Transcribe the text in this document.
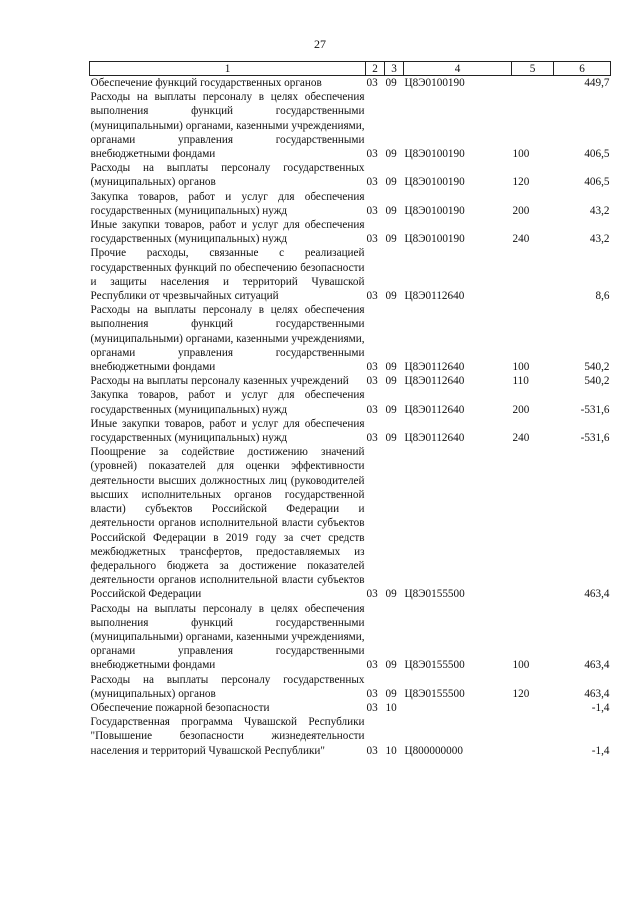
27
1	2	3	4	5	6
Обеспечение функций государственных органов	03	09	Ц8Э0100190		449,7
Расходы на выплаты персоналу в целях обеспечения выполнения функций государственными (муниципальными) органами, казенными учреждениями, органами управления государственными внебюджетными фондами	03	09	Ц8Э0100190	100	406,5
Расходы на выплаты персоналу государственных (муниципальных) органов	03	09	Ц8Э0100190	120	406,5
Закупка товаров, работ и услуг для обеспечения государственных (муниципальных) нужд	03	09	Ц8Э0100190	200	43,2
Иные закупки товаров, работ и услуг для обеспечения государственных (муниципальных) нужд	03	09	Ц8Э0100190	240	43,2
Прочие расходы, связанные с реализацией государственных функций по обеспечению безопасности и защиты населения и территорий Чувашской Республики от чрезвычайных ситуаций	03	09	Ц8Э0112640		8,6
Расходы на выплаты персоналу в целях обеспечения выполнения функций государственными (муниципальными) органами, казенными учреждениями, органами управления государственными внебюджетными фондами	03	09	Ц8Э0112640	100	540,2
Расходы на выплаты персоналу казенных учреждений	03	09	Ц8Э0112640	110	540,2
Закупка товаров, работ и услуг для обеспечения государственных (муниципальных) нужд	03	09	Ц8Э0112640	200	-531,6
Иные закупки товаров, работ и услуг для обеспечения государственных (муниципальных) нужд	03	09	Ц8Э0112640	240	-531,6
Поощрение за содействие достижению значений (уровней) показателей для оценки эффективности деятельности высших должностных лиц (руководителей высших исполнительных органов государственной власти) субъектов Российской Федерации и деятельности органов исполнительной власти субъектов Российской Федерации в 2019 году за счет средств межбюджетных трансфертов, предоставляемых из федерального бюджета за достижение показателей деятельности органов исполнительной власти субъектов Российской Федерации	03	09	Ц8Э0155500		463,4
Расходы на выплаты персоналу в целях обеспечения выполнения функций государственными (муниципальными) органами, казенными учреждениями, органами управления государственными внебюджетными фондами	03	09	Ц8Э0155500	100	463,4
Расходы на выплаты персоналу государственных (муниципальных) органов	03	09	Ц8Э0155500	120	463,4
Обеспечение пожарной безопасности	03	10			-1,4
Государственная программа Чувашской Республики "Повышение безопасности жизнедеятельности населения и территорий Чувашской Республики"	03	10	Ц800000000		-1,4
